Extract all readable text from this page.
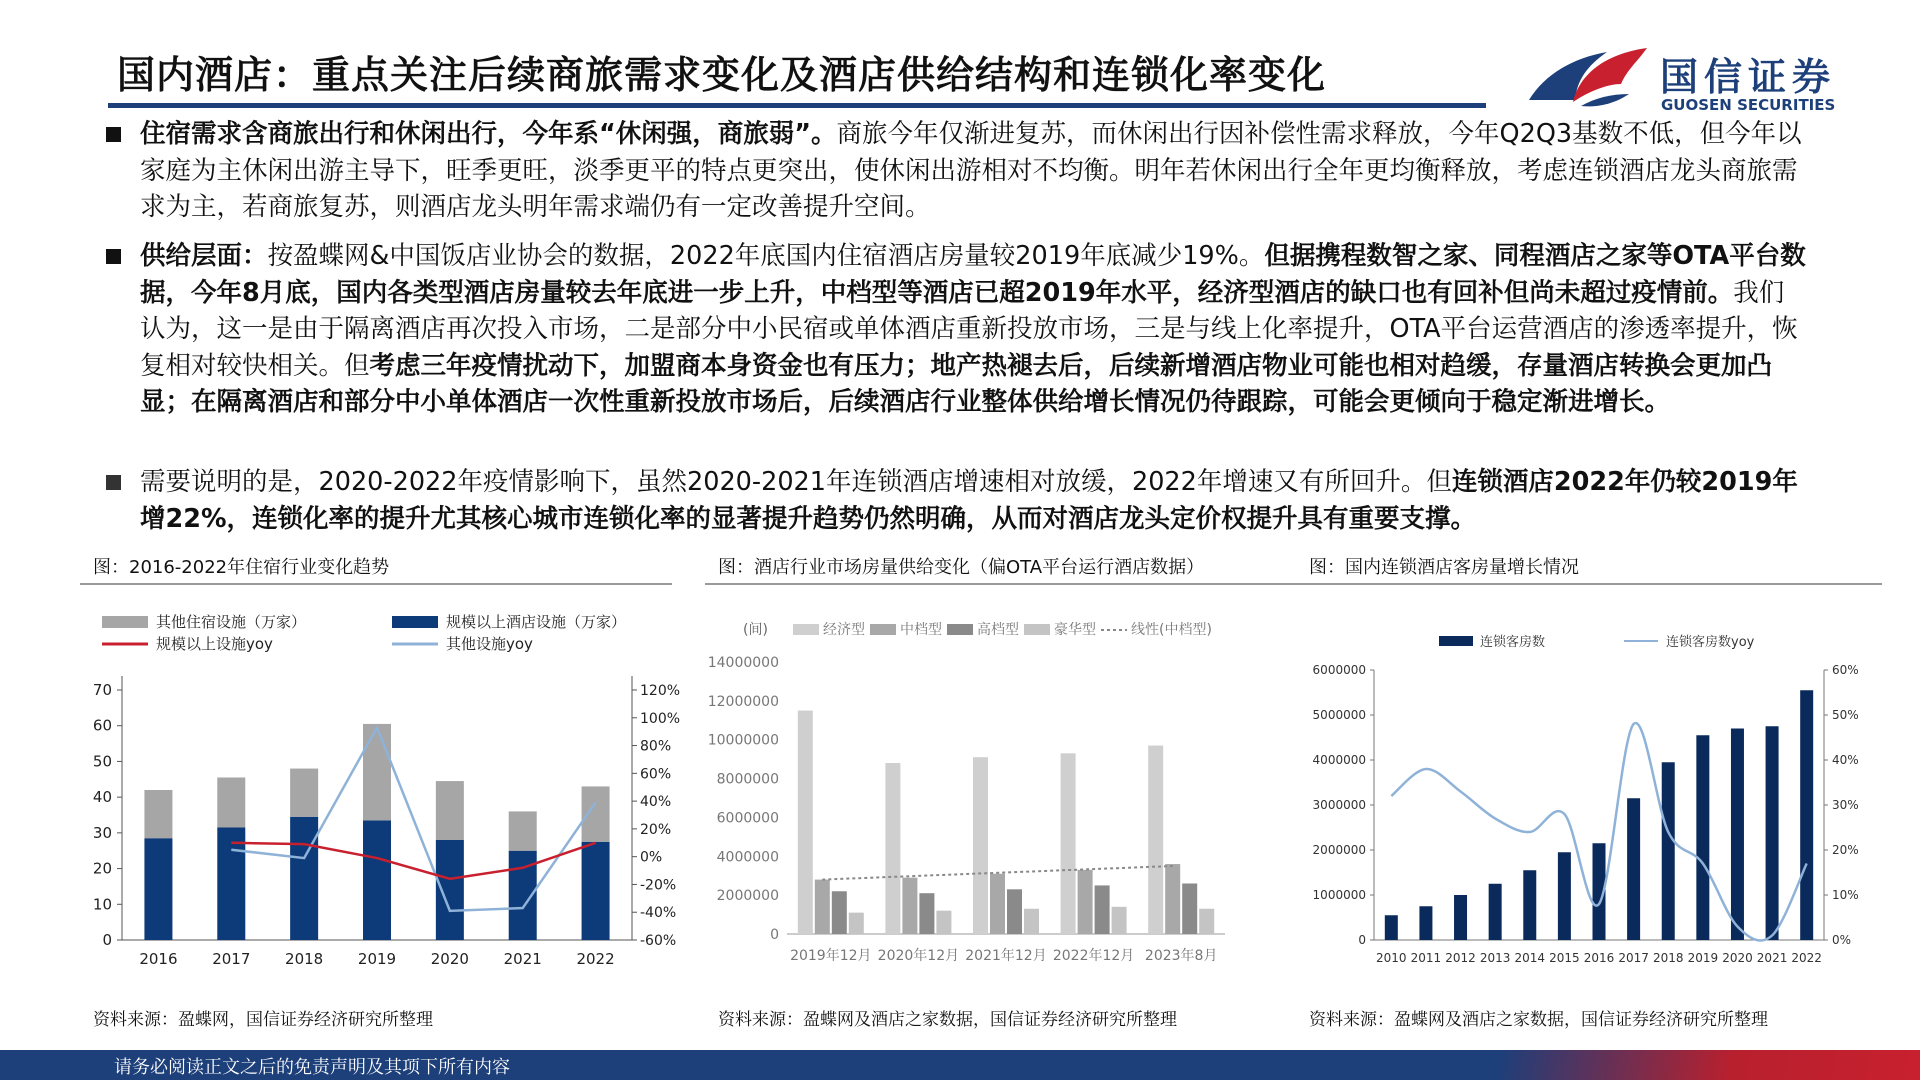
国内酒店：重点关注后续商旅需求变化及酒店供给结构和连锁化率变化	国信证券
GUOSEN SECURITIES
住宿需求含商旅出行和休闲出行，今年系“休闲强，商旅弱”。商旅今年仅渐进复苏，而休闲出行因补偿性需求释放，今年Q2Q3基数不低，但今年以家庭为主休闲出游主导下，旺季更旺，淡季更平的特点更突出，使休闲出游相对不均衡。明年若休闲出行全年更均衡释放，考虑连锁酒店龙头商旅需求为主，若商旅复苏，则酒店龙头明年需求端仍有一定改善提升空间。
供给层面：按盈蝶网&中国饭店业协会的数据，2022年底国内住宿酒店房量较2019年底减少19%。但据携程数智之家、同程酒店之家等OTA平台数据，今年8月底，国内各类型酒店房量较去年底进一步上升，中档型等酒店已超2019年水平，经济型酒店的缺口也有回补但尚未超过疫情前。我们认为，这一是由于隔离酒店再次投入市场，二是部分中小民宿或单体酒店重新投放市场，三是与线上化率提升，OTA平台运营酒店的渗透率提升，恢复相对较快相关。但考虑三年疫情扰动下，加盟商本身资金也有压力；地产热褪去后，后续新增酒店物业可能也相对趋缓，存量酒店转换会更加凸显；在隔离酒店和部分中小单体酒店一次性重新投放市场后，后续酒店行业整体供给增长情况仍待跟踪，可能会更倾向于稳定渐进增长。
需要说明的是，2020-2022年疫情影响下，虽然2020-2021年连锁酒店增速相对放缓，2022年增速又有所回升。但连锁酒店2022年仍较2019年增22%，连锁化率的提升尤其核心城市连锁化率的显著提升趋势仍然明确，从而对酒店龙头定价权提升具有重要支撑。
图：2016-2022年住宿行业变化趋势
其他住宿设施（万家）	规模以上酒店设施（万家）
规模以上设施yoy	其他设施yoy
0
10
20
30
40
50
60
70
-60%
-40%
-20%
0%
20%
40%
60%
80%
100%
120%
2016 2017 2018 2019 2020 2021 2022
资料来源：盈蝶网，国信证券经济研究所整理
图：酒店行业市场房量供给变化（偏OTA平台运行酒店数据）
(间)	经济型	中档型	高档型	豪华型	线性(中档型)
0
2000000
4000000
6000000
8000000
10000000
12000000
14000000
2019年12月 2020年12月 2021年12月 2022年12月 2023年8月
资料来源：盈蝶网及酒店之家数据，国信证券经济研究所整理
图：国内连锁酒店客房量增长情况
连锁客房数	连锁客房数yoy
0
1000000
2000000
3000000
4000000
5000000
6000000
0%
10%
20%
30%
40%
50%
60%
2010 2011 2012 2013 2014 2015 2016 2017 2018 2019 2020 2021 2022
资料来源：盈蝶网及酒店之家数据，国信证券经济研究所整理
请务必阅读正文之后的免责声明及其项下所有内容
